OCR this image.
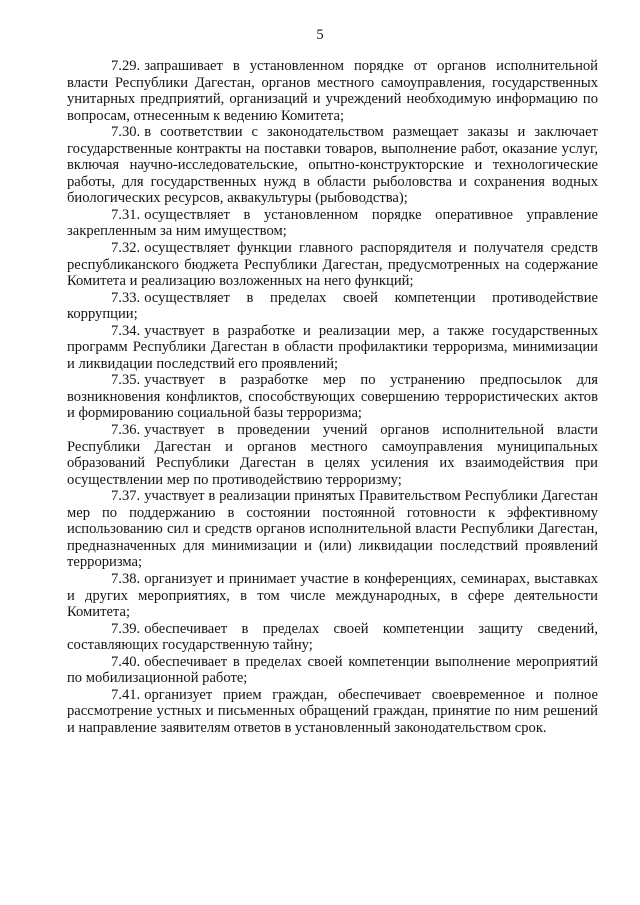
5

7.29. запрашивает в установленном порядке от органов исполнительной власти Республики Дагестан, органов местного самоуправления, государственных унитарных предприятий, организаций и учреждений необходимую информацию по вопросам, отнесенным к ведению Комитета;

7.30. в соответствии с законодательством размещает заказы и заключает государственные контракты на поставки товаров, выполнение работ, оказание услуг, включая научно-исследовательские, опытно-конструкторские и технологические работы, для государственных нужд в области рыболовства и сохранения водных биологических ресурсов, аквакультуры (рыбоводства);

7.31. осуществляет в установленном порядке оперативное управление закрепленным за ним имуществом;

7.32. осуществляет функции главного распорядителя и получателя средств республиканского бюджета Республики Дагестан, предусмотренных на содержание Комитета и реализацию возложенных на него функций;

7.33. осуществляет в пределах своей компетенции противодействие коррупции;

7.34. участвует в разработке и реализации мер, а также государственных программ Республики Дагестан в области профилактики терроризма, минимизации и ликвидации последствий его проявлений;

7.35. участвует в разработке мер по устранению предпосылок для возникновения конфликтов, способствующих совершению террористических актов и формированию социальной базы терроризма;

7.36. участвует в проведении учений органов исполнительной власти Республики Дагестан и органов местного самоуправления муниципальных образований Республики Дагестан в целях усиления их взаимодействия при осуществлении мер по противодействию терроризму;

7.37. участвует в реализации принятых Правительством Республики Дагестан мер по поддержанию в состоянии постоянной готовности к эффективному использованию сил и средств органов исполнительной власти Республики Дагестан, предназначенных для минимизации и (или) ликвидации последствий проявлений терроризма;

7.38. организует и принимает участие в конференциях, семинарах, выставках и других мероприятиях, в том числе международных, в сфере деятельности Комитета;

7.39. обеспечивает в пределах своей компетенции защиту сведений, составляющих государственную тайну;

7.40. обеспечивает в пределах своей компетенции выполнение мероприятий по мобилизационной работе;

7.41. организует прием граждан, обеспечивает своевременное и полное рассмотрение устных и письменных обращений граждан, принятие по ним решений и направление заявителям ответов в установленный законодательством срок.
